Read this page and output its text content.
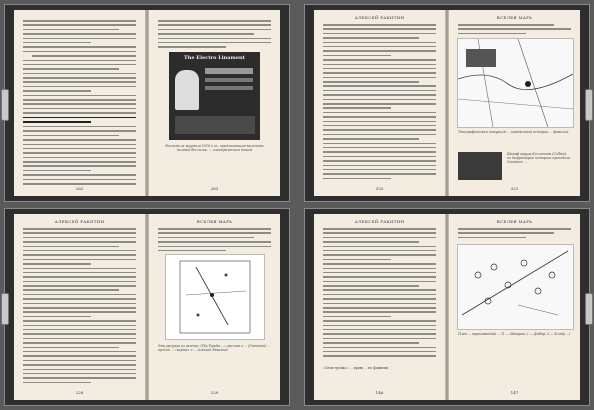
262
The Electro Linament
Реклама из журнала 1910-х гг., предлагающая вылечить половое бессилие, ... электрическим током
263
АЛЕКСЕЙ РАКИТИН
320
ВСЕЛЕЯ МАРЬ
Топографическая ситуация ... скандальной истории ... фамилий
Шериф округа Коллинзам (Collins), по территории которого проходила Саннтон, ...
321
АЛЕКСЕЙ РАКИТИН
228
ВСЕЛЕЯ МАРЬ
Эта рисунка из газеты «The Topeka ...» рассказ о ... (Саннтон) ... проход ... «карта» о ... Алексей Ракитин
229
АЛЕКСЕЙ РАКИТИН
«Семь-громко» ... кровь ... по фамилии
146
ВСЕЛЕЯ МАРЬ
План ... нарисованный ... (1 — Мазаров; 2 — Дюбар; 3 — Клэйр ...)
147
